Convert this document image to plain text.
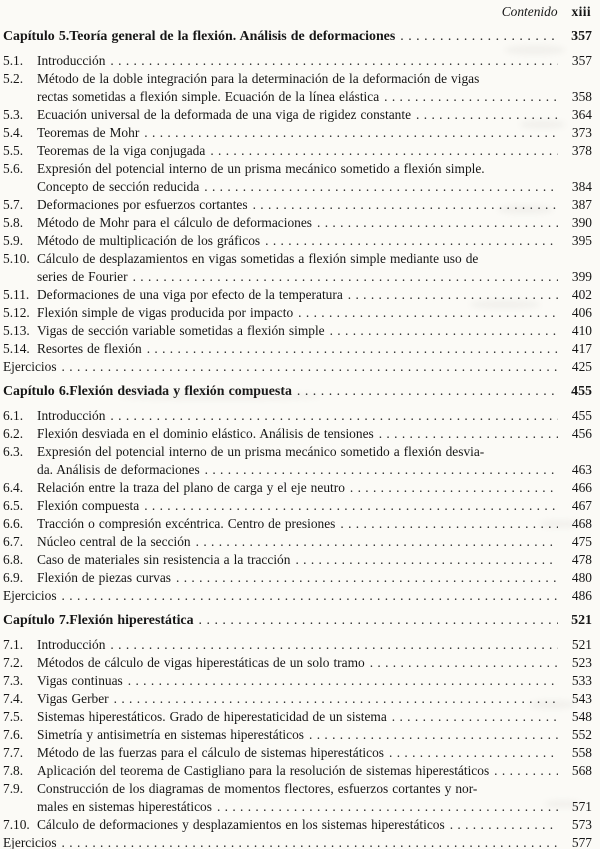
Contenido xiii
Capítulo 5. Teoría general de la flexión. Análisis de deformaciones . . .	357
5.1.	Introducción . . .	357
5.2.	Método de la doble integración para la determinación de la deformación de vigas
rectas sometidas a flexión simple. Ecuación de la línea elástica . . .	358
5.3.	Ecuación universal de la deformada de una viga de rigidez constante . . .	364
5.4.	Teoremas de Mohr . . .	373
5.5.	Teoremas de la viga conjugada . . .	378
5.6.	Expresión del potencial interno de un prisma mecánico sometido a flexión simple.
Concepto de sección reducida . . .	384
5.7.	Deformaciones por esfuerzos cortantes . . .	387
5.8.	Método de Mohr para el cálculo de deformaciones . . .	390
5.9.	Método de multiplicación de los gráficos . . .	395
5.10. Cálculo de desplazamientos en vigas sometidas a flexión simple mediante uso de
series de Fourier . . .	399
5.11. Deformaciones de una viga por efecto de la temperatura . . .	402
5.12. Flexión simple de vigas producida por impacto . . .	406
5.13. Vigas de sección variable sometidas a flexión simple . . .	410
5.14. Resortes de flexión . . .	417
Ejercicios . . .	425
Capítulo 6. Flexión desviada y flexión compuesta . . .	455
6.1.	Introducción . . .	455
6.2.	Flexión desviada en el dominio elástico. Análisis de tensiones . . .	456
6.3.	Expresión del potencial interno de un prisma mecánico sometido a flexión desvia-
da. Análisis de deformaciones . . .	463
6.4.	Relación entre la traza del plano de carga y el eje neutro . . .	466
6.5.	Flexión compuesta . . .	467
6.6.	Tracción o compresión excéntrica. Centro de presiones . . .	468
6.7.	Núcleo central de la sección . . .	475
6.8.	Caso de materiales sin resistencia a la tracción . . .	478
6.9.	Flexión de piezas curvas . . .	480
Ejercicios . . .	486
Capítulo 7. Flexión hiperestática . . .	521
7.1.	Introducción . . .	521
7.2.	Métodos de cálculo de vigas hiperestáticas de un solo tramo . . .	523
7.3.	Vigas continuas . . .	533
7.4.	Vigas Gerber . . .	543
7.5.	Sistemas hiperestáticos. Grado de hiperestaticidad de un sistema . . .	548
7.6.	Simetría y antisimetría en sistemas hiperestáticos . . .	552
7.7.	Método de las fuerzas para el cálculo de sistemas hiperestáticos . . .	558
7.8.	Aplicación del teorema de Castigliano para la resolución de sistemas hiperestáticos . . .	568
7.9.	Construcción de los diagramas de momentos flectores, esfuerzos cortantes y nor-
males en sistemas hiperestáticos . . .	571
7.10. Cálculo de deformaciones y desplazamientos en los sistemas hiperestáticos . . .	573
Ejercicios . . .	577
